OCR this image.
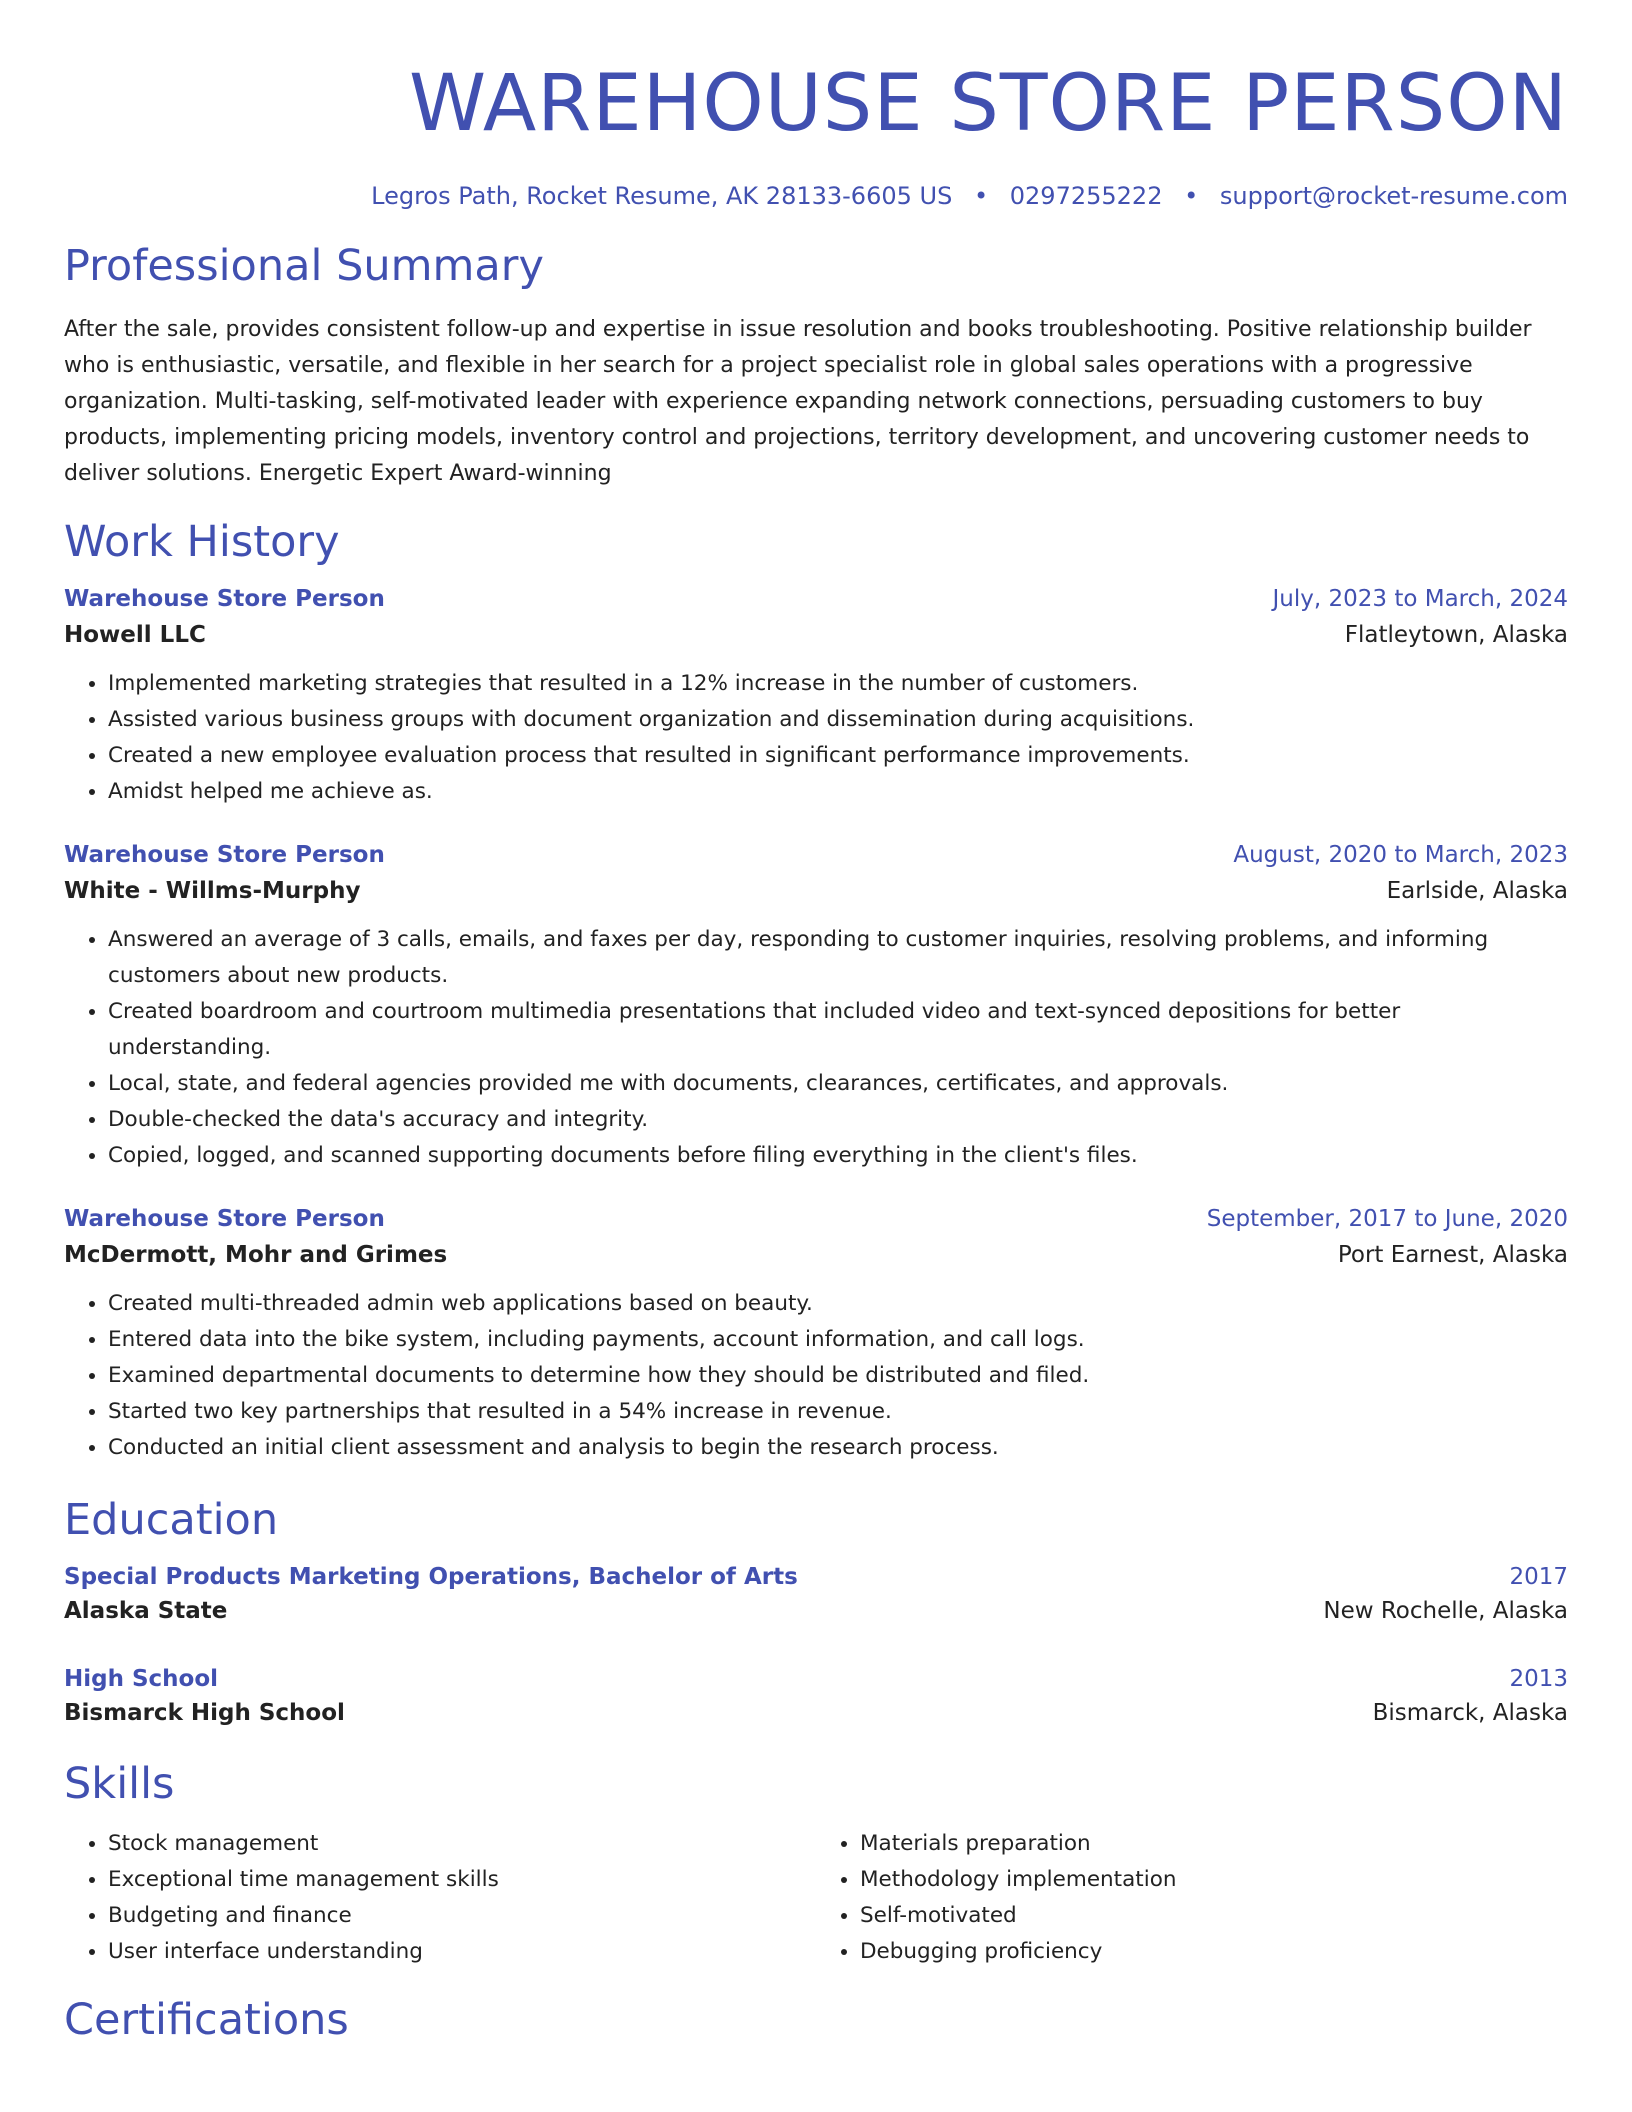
WAREHOUSE STORE PERSON
Legros Path, Rocket Resume, AK 28133-6605 US • 0297255222 • support@rocket-resume.com
Professional Summary

After the sale, provides consistent follow-up and expertise in issue resolution and books troubleshooting. Positive relationship builder who is enthusiastic, versatile, and flexible in her search for a project specialist role in global sales operations with a progressive organization. Multi-tasking, self-motivated leader with experience expanding network connections, persuading customers to buy products, implementing pricing models, inventory control and projections, territory development, and uncovering customer needs to deliver solutions. Energetic Expert Award-winning

Work History
Warehouse Store Person	July, 2023 to March, 2024
Howell LLC	Flatleytown, Alaska
• Implemented marketing strategies that resulted in a 12% increase in the number of customers.
• Assisted various business groups with document organization and dissemination during acquisitions.
• Created a new employee evaluation process that resulted in significant performance improvements.
• Amidst helped me achieve as.
Warehouse Store Person	August, 2020 to March, 2023
White - Willms-Murphy	Earlside, Alaska
• Answered an average of 3 calls, emails, and faxes per day, responding to customer inquiries, resolving problems, and informing customers about new products.
• Created boardroom and courtroom multimedia presentations that included video and text-synced depositions for better understanding.
• Local, state, and federal agencies provided me with documents, clearances, certificates, and approvals.
• Double-checked the data's accuracy and integrity.
• Copied, logged, and scanned supporting documents before filing everything in the client's files.
Warehouse Store Person	September, 2017 to June, 2020
McDermott, Mohr and Grimes	Port Earnest, Alaska
• Created multi-threaded admin web applications based on beauty.
• Entered data into the bike system, including payments, account information, and call logs.
• Examined departmental documents to determine how they should be distributed and filed.
• Started two key partnerships that resulted in a 54% increase in revenue.
• Conducted an initial client assessment and analysis to begin the research process.
Education
Special Products Marketing Operations, Bachelor of Arts	2017
Alaska State	New Rochelle, Alaska
High School	2013
Bismarck High School	Bismarck, Alaska
Skills
• Stock management
• Exceptional time management skills
• Budgeting and finance
• User interface understanding
• Materials preparation
• Methodology implementation
• Self-motivated
• Debugging proficiency
Certifications
